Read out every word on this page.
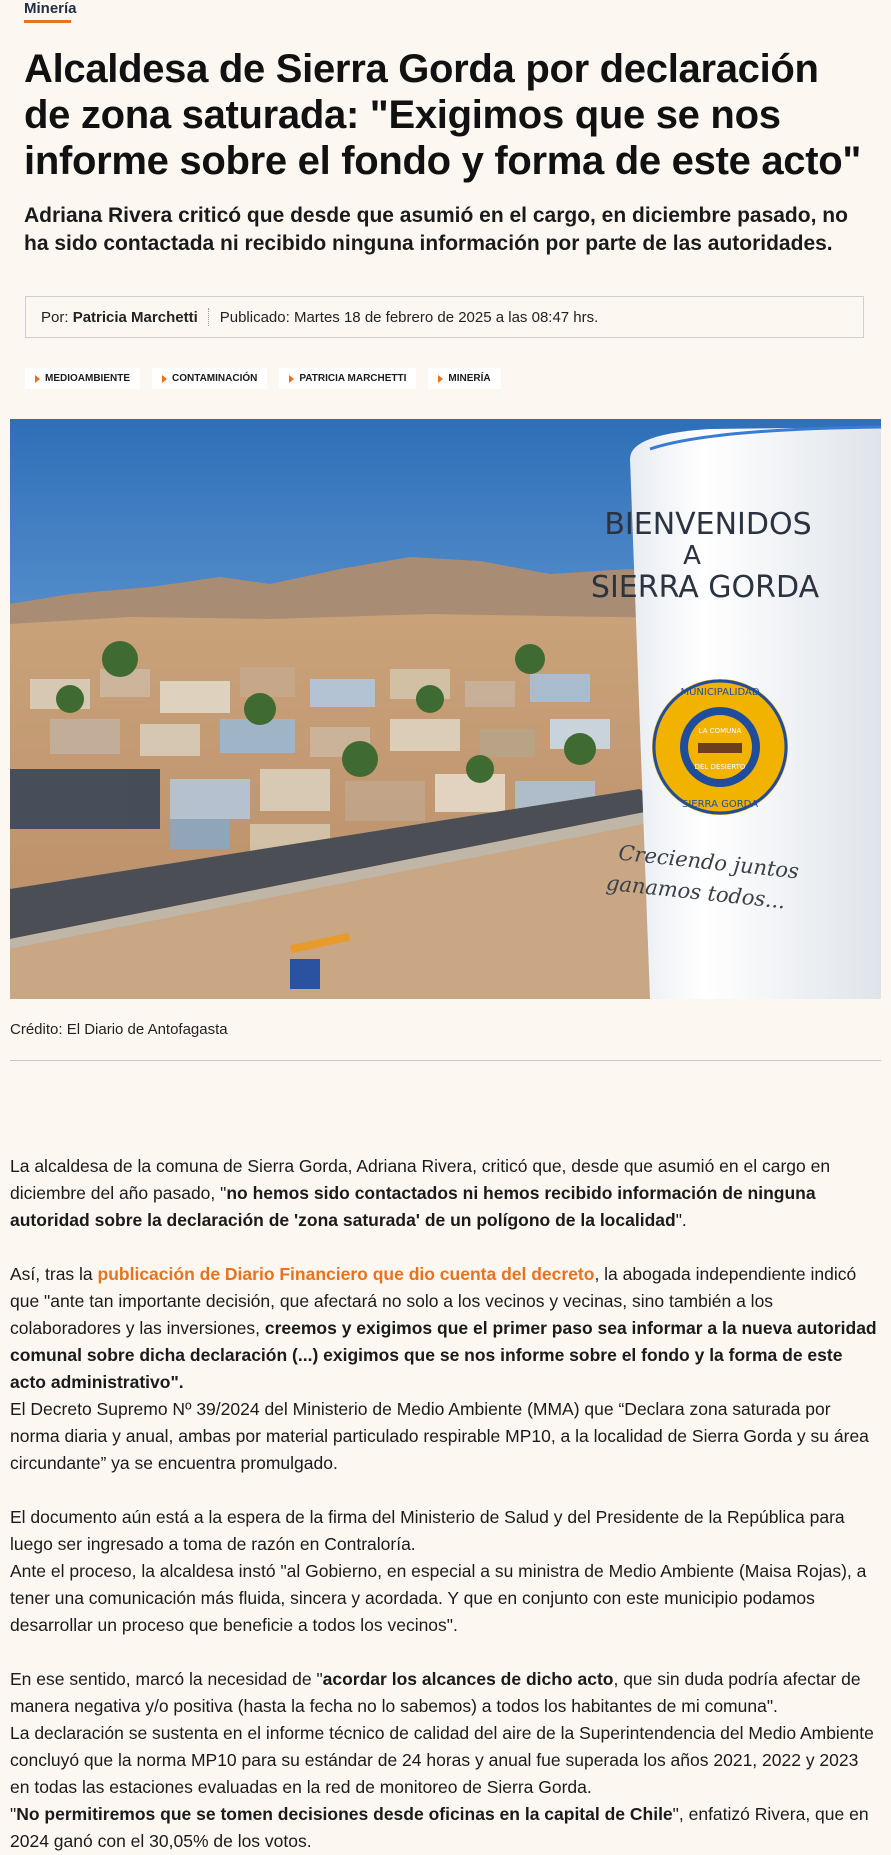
Minería
Alcaldesa de Sierra Gorda por declaración de zona saturada: "Exigimos que se nos informe sobre el fondo y forma de este acto"

Adriana Rivera criticó que desde que asumió en el cargo, en diciembre pasado, no ha sido contactada ni recibido ninguna información por parte de las autoridades.

Por: Patricia Marchetti	Publicado: Martes 18 de febrero de 2025 a las 08:47 hrs.
MEDIOAMBIENTE	CONTAMINACIÓN	PATRICIA MARCHETTI	MINERÍA
BIENVENIDOS
A
SIERRA GORDA
MUNICIPALIDAD
SIERRA GORDA
LA COMUNA
DEL DESIERTO
Creciendo juntos
ganamos todos...
Crédito: El Diario de Antofagasta

La alcaldesa de la comuna de Sierra Gorda, Adriana Rivera, criticó que, desde que asumió en el cargo en diciembre del año pasado, "no hemos sido contactados ni hemos recibido información de ninguna autoridad sobre la declaración de 'zona saturada' de un polígono de la localidad".

Así, tras la publicación de Diario Financiero que dio cuenta del decreto, la abogada independiente indicó que "ante tan importante decisión, que afectará no solo a los vecinos y vecinas, sino también a los colaboradores y las inversiones, creemos y exigimos que el primer paso sea informar a la nueva autoridad comunal sobre dicha declaración (...) exigimos que se nos informe sobre el fondo y la forma de este acto administrativo".

El Decreto Supremo Nº 39/2024 del Ministerio de Medio Ambiente (MMA) que “Declara zona saturada por norma diaria y anual, ambas por material particulado respirable MP10, a la localidad de Sierra Gorda y su área circundante” ya se encuentra promulgado.

El documento aún está a la espera de la firma del Ministerio de Salud y del Presidente de la República para luego ser ingresado a toma de razón en Contraloría.

Ante el proceso, la alcaldesa instó "al Gobierno, en especial a su ministra de Medio Ambiente (Maisa Rojas), a tener una comunicación más fluida, sincera y acordada. Y que en conjunto con este municipio podamos desarrollar un proceso que beneficie a todos los vecinos".

En ese sentido, marcó la necesidad de "acordar los alcances de dicho acto, que sin duda podría afectar de manera negativa y/o positiva (hasta la fecha no lo sabemos) a todos los habitantes de mi comuna".

La declaración se sustenta en el informe técnico de calidad del aire de la Superintendencia del Medio Ambiente concluyó que la norma MP10 para su estándar de 24 horas y anual fue superada los años 2021, 2022 y 2023 en todas las estaciones evaluadas en la red de monitoreo de Sierra Gorda.

"No permitiremos que se tomen decisiones desde oficinas en la capital de Chile", enfatizó Rivera, que en 2024 ganó con el 30,05% de los votos.
